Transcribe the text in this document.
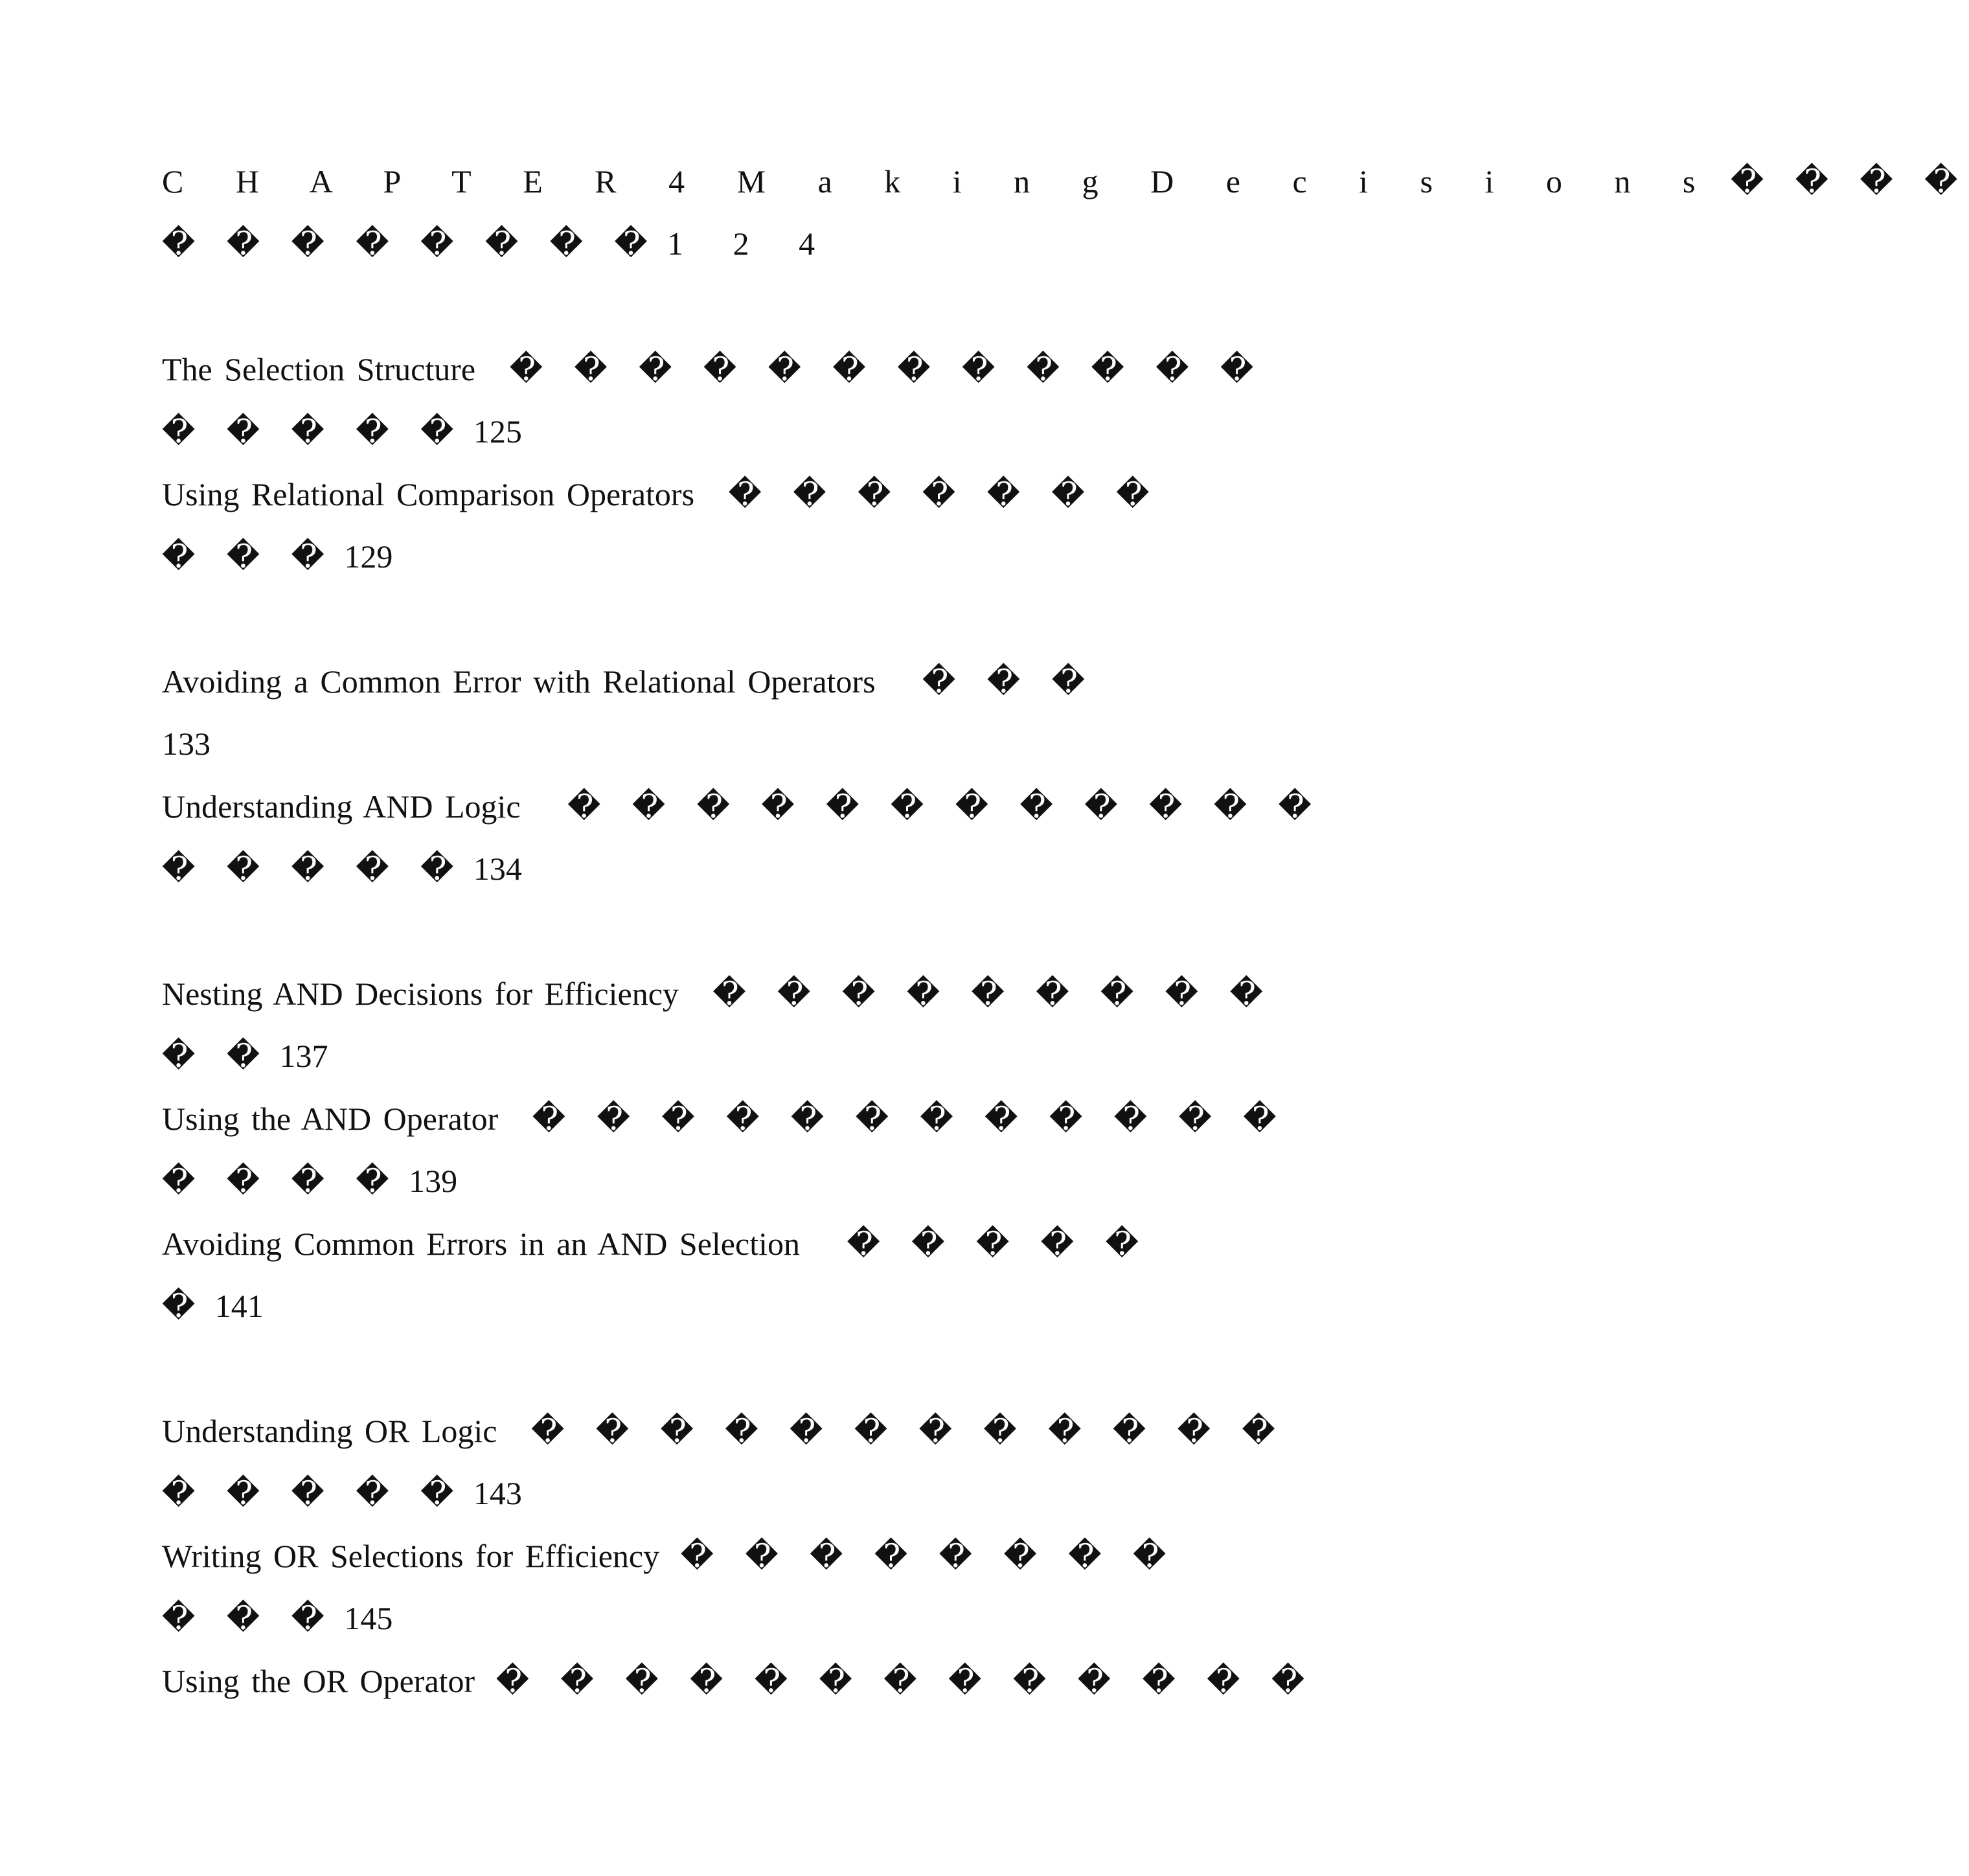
C H A P T E R 4 M a k i n g D e c i s i o n s � � � �
� � � � � � � � 1 2 4
The Selection Structure � � � � � � � � � � � �
� � � � � 125
Using Relational Comparison Operators � � � � � � �
� � � 129
Avoiding a Common Error with Relational Operators � � �
133
Understanding AND Logic � � � � � � � � � � � �
� � � � � 134
Nesting AND Decisions for Efficiency � � � � � � � � �
� � 137
Using the AND Operator � � � � � � � � � � � �
� � � � 139
Avoiding Common Errors in an AND Selection � � � � �
� 141
Understanding OR Logic � � � � � � � � � � � �
� � � � � 143
Writing OR Selections for Efficiency � � � � � � � �
� � � 145
Using the OR Operator � � � � � � � � � � � � �
